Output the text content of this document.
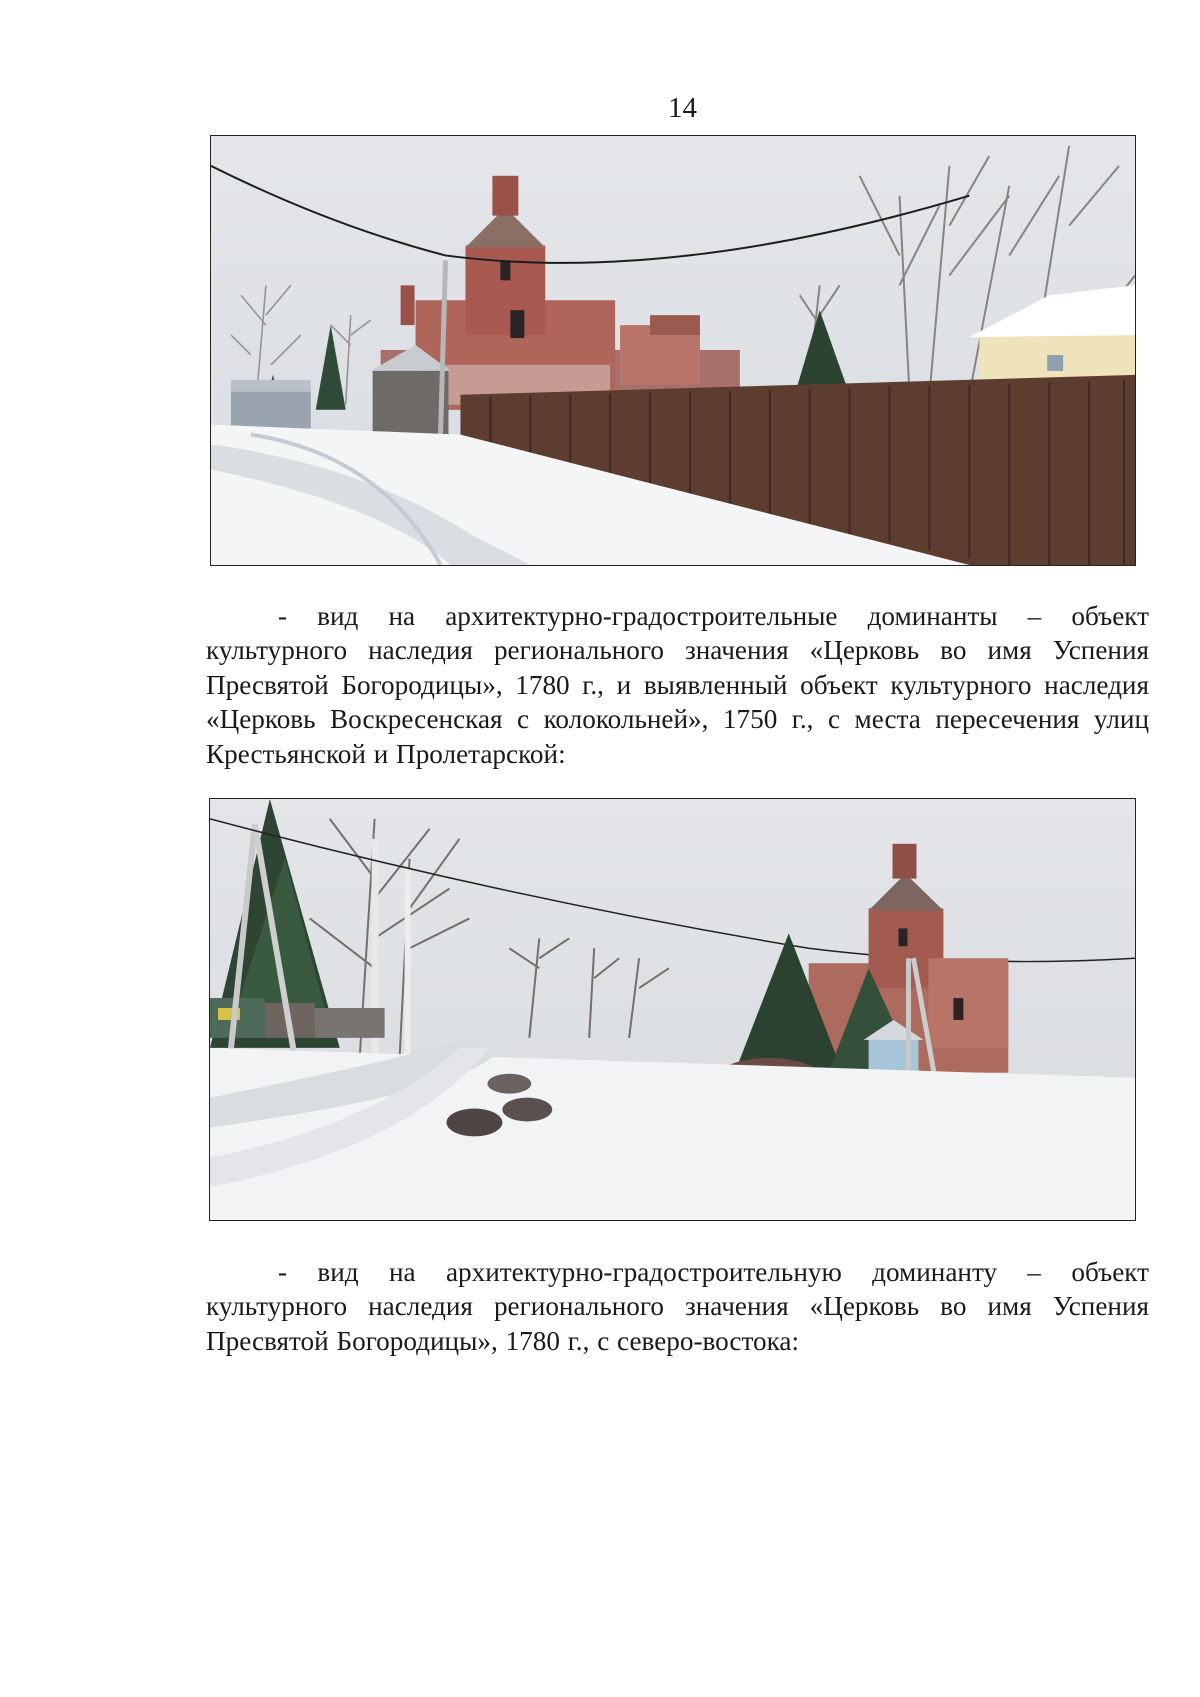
14

- вид на архитектурно-градостроительные доминанты – объект культурного наследия регионального значения «Церковь во имя Успения Пресвятой Богородицы», 1780 г., и выявленный объект культурного наследия «Церковь Воскресенская с колокольней», 1750 г., с места пересечения улиц Крестьянской и Пролетарской:

- вид на архитектурно-градостроительную доминанту – объект культурного наследия регионального значения «Церковь во имя Успения Пресвятой Богородицы», 1780 г., с северо-востока:
